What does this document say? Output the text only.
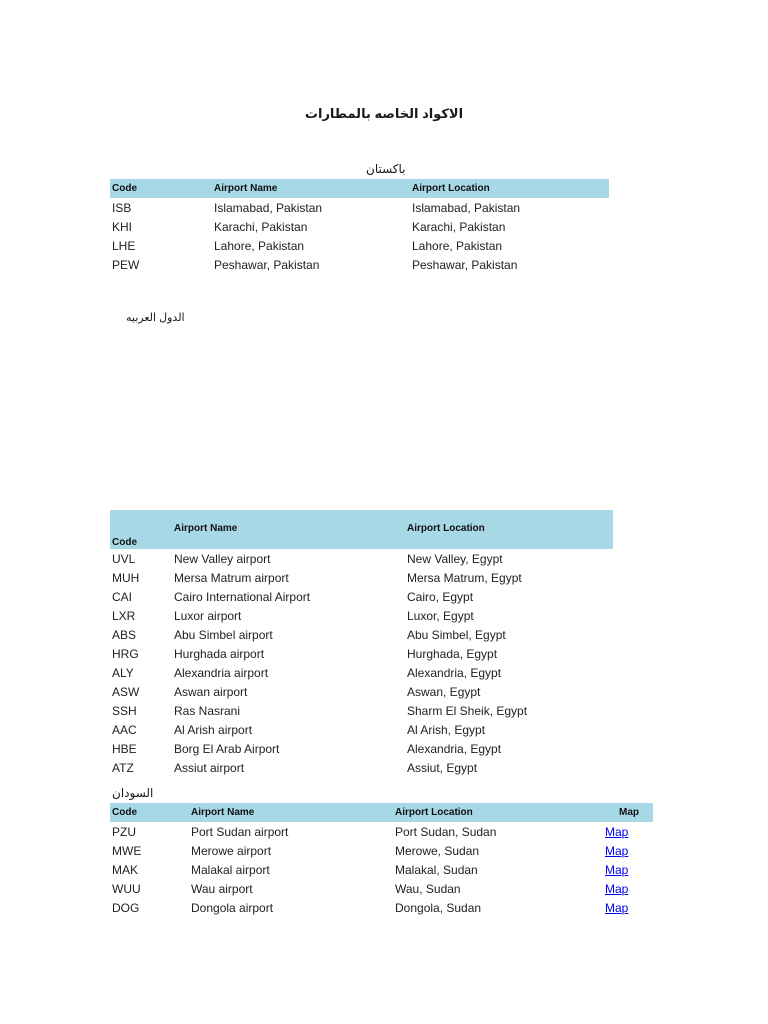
الاكواد الخاصه بالمطارات
باكستان
Code	Airport Name	Airport Location
ISB	Islamabad, Pakistan	Islamabad, Pakistan
KHI	Karachi, Pakistan	Karachi, Pakistan
LHE	Lahore, Pakistan	Lahore, Pakistan
PEW	Peshawar, Pakistan	Peshawar, Pakistan
الدول العربيه
Code	Airport Name	Airport Location
UVL	New Valley airport	New Valley, Egypt
MUH	Mersa Matrum airport	Mersa Matrum, Egypt
CAI	Cairo International Airport	Cairo, Egypt
LXR	Luxor airport	Luxor, Egypt
ABS	Abu Simbel airport	Abu Simbel, Egypt
HRG	Hurghada airport	Hurghada, Egypt
ALY	Alexandria airport	Alexandria, Egypt
ASW	Aswan airport	Aswan, Egypt
SSH	Ras Nasrani	Sharm El Sheik, Egypt
AAC	Al Arish airport	Al Arish, Egypt
HBE	Borg El Arab Airport	Alexandria, Egypt
ATZ	Assiut airport	Assiut, Egypt
السودان
Code	Airport Name	Airport Location	Map
PZU	Port Sudan airport	Port Sudan, Sudan	Map
MWE	Merowe airport	Merowe, Sudan	Map
MAK	Malakal airport	Malakal, Sudan	Map
WUU	Wau airport	Wau, Sudan	Map
DOG	Dongola airport	Dongola, Sudan	Map
